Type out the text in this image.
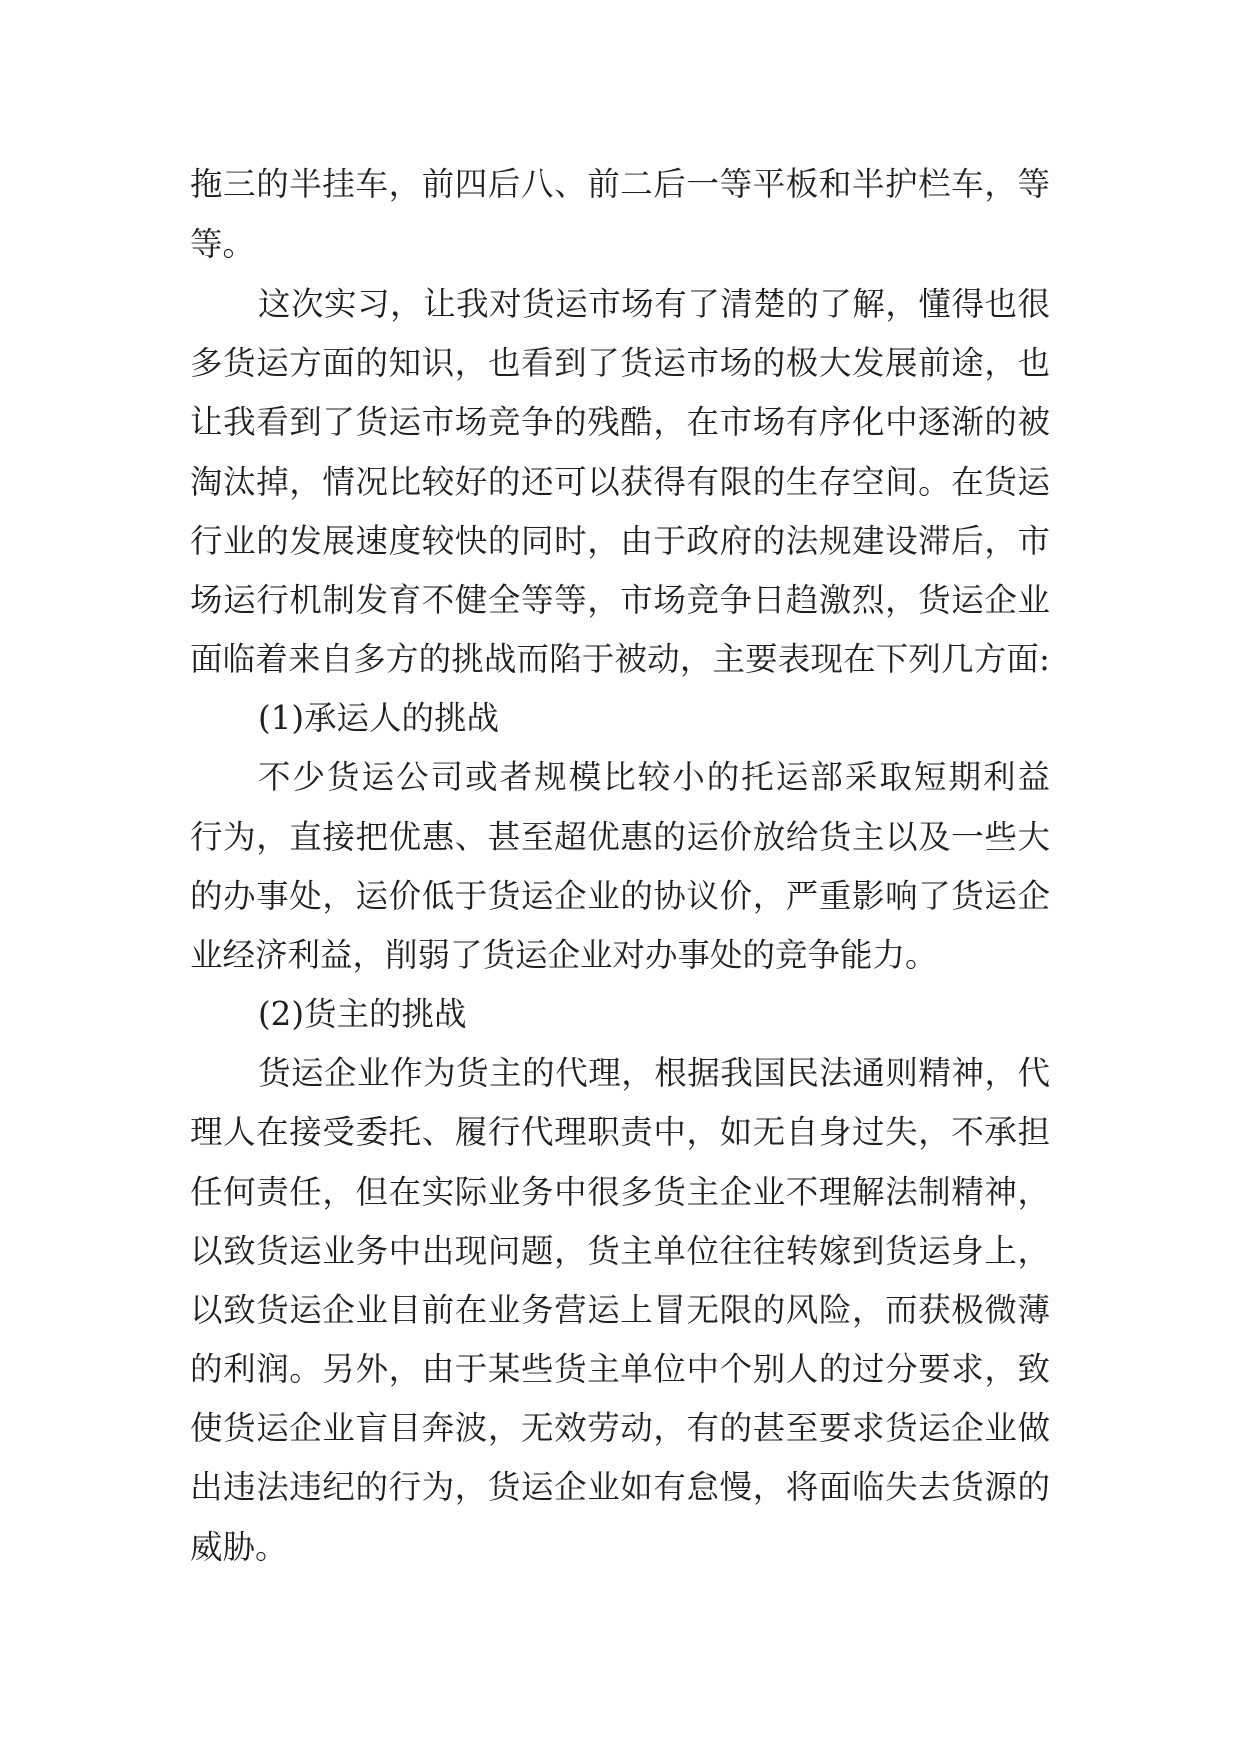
拖三的半挂车，前四后八、前二后一等平板和半护栏车，等
等。
这次实习，让我对货运市场有了清楚的了解，懂得也很
多货运方面的知识，也看到了货运市场的极大发展前途，也
让我看到了货运市场竞争的残酷，在市场有序化中逐渐的被
淘汰掉，情况比较好的还可以获得有限的生存空间。在货运
行业的发展速度较快的同时，由于政府的法规建设滞后，市
场运行机制发育不健全等等，市场竞争日趋激烈，货运企业
面临着来自多方的挑战而陷于被动，主要表现在下列几方面:
(1)承运人的挑战
不少货运公司或者规模比较小的托运部采取短期利益
行为，直接把优惠、甚至超优惠的运价放给货主以及一些大
的办事处，运价低于货运企业的协议价，严重影响了货运企
业经济利益，削弱了货运企业对办事处的竞争能力。
(2)货主的挑战
货运企业作为货主的代理，根据我国民法通则精神，代
理人在接受委托、履行代理职责中，如无自身过失，不承担
任何责任，但在实际业务中很多货主企业不理解法制精神，
以致货运业务中出现问题，货主单位往往转嫁到货运身上，
以致货运企业目前在业务营运上冒无限的风险，而获极微薄
的利润。另外，由于某些货主单位中个别人的过分要求，致
使货运企业盲目奔波，无效劳动，有的甚至要求货运企业做
出违法违纪的行为，货运企业如有怠慢，将面临失去货源的
威胁。
